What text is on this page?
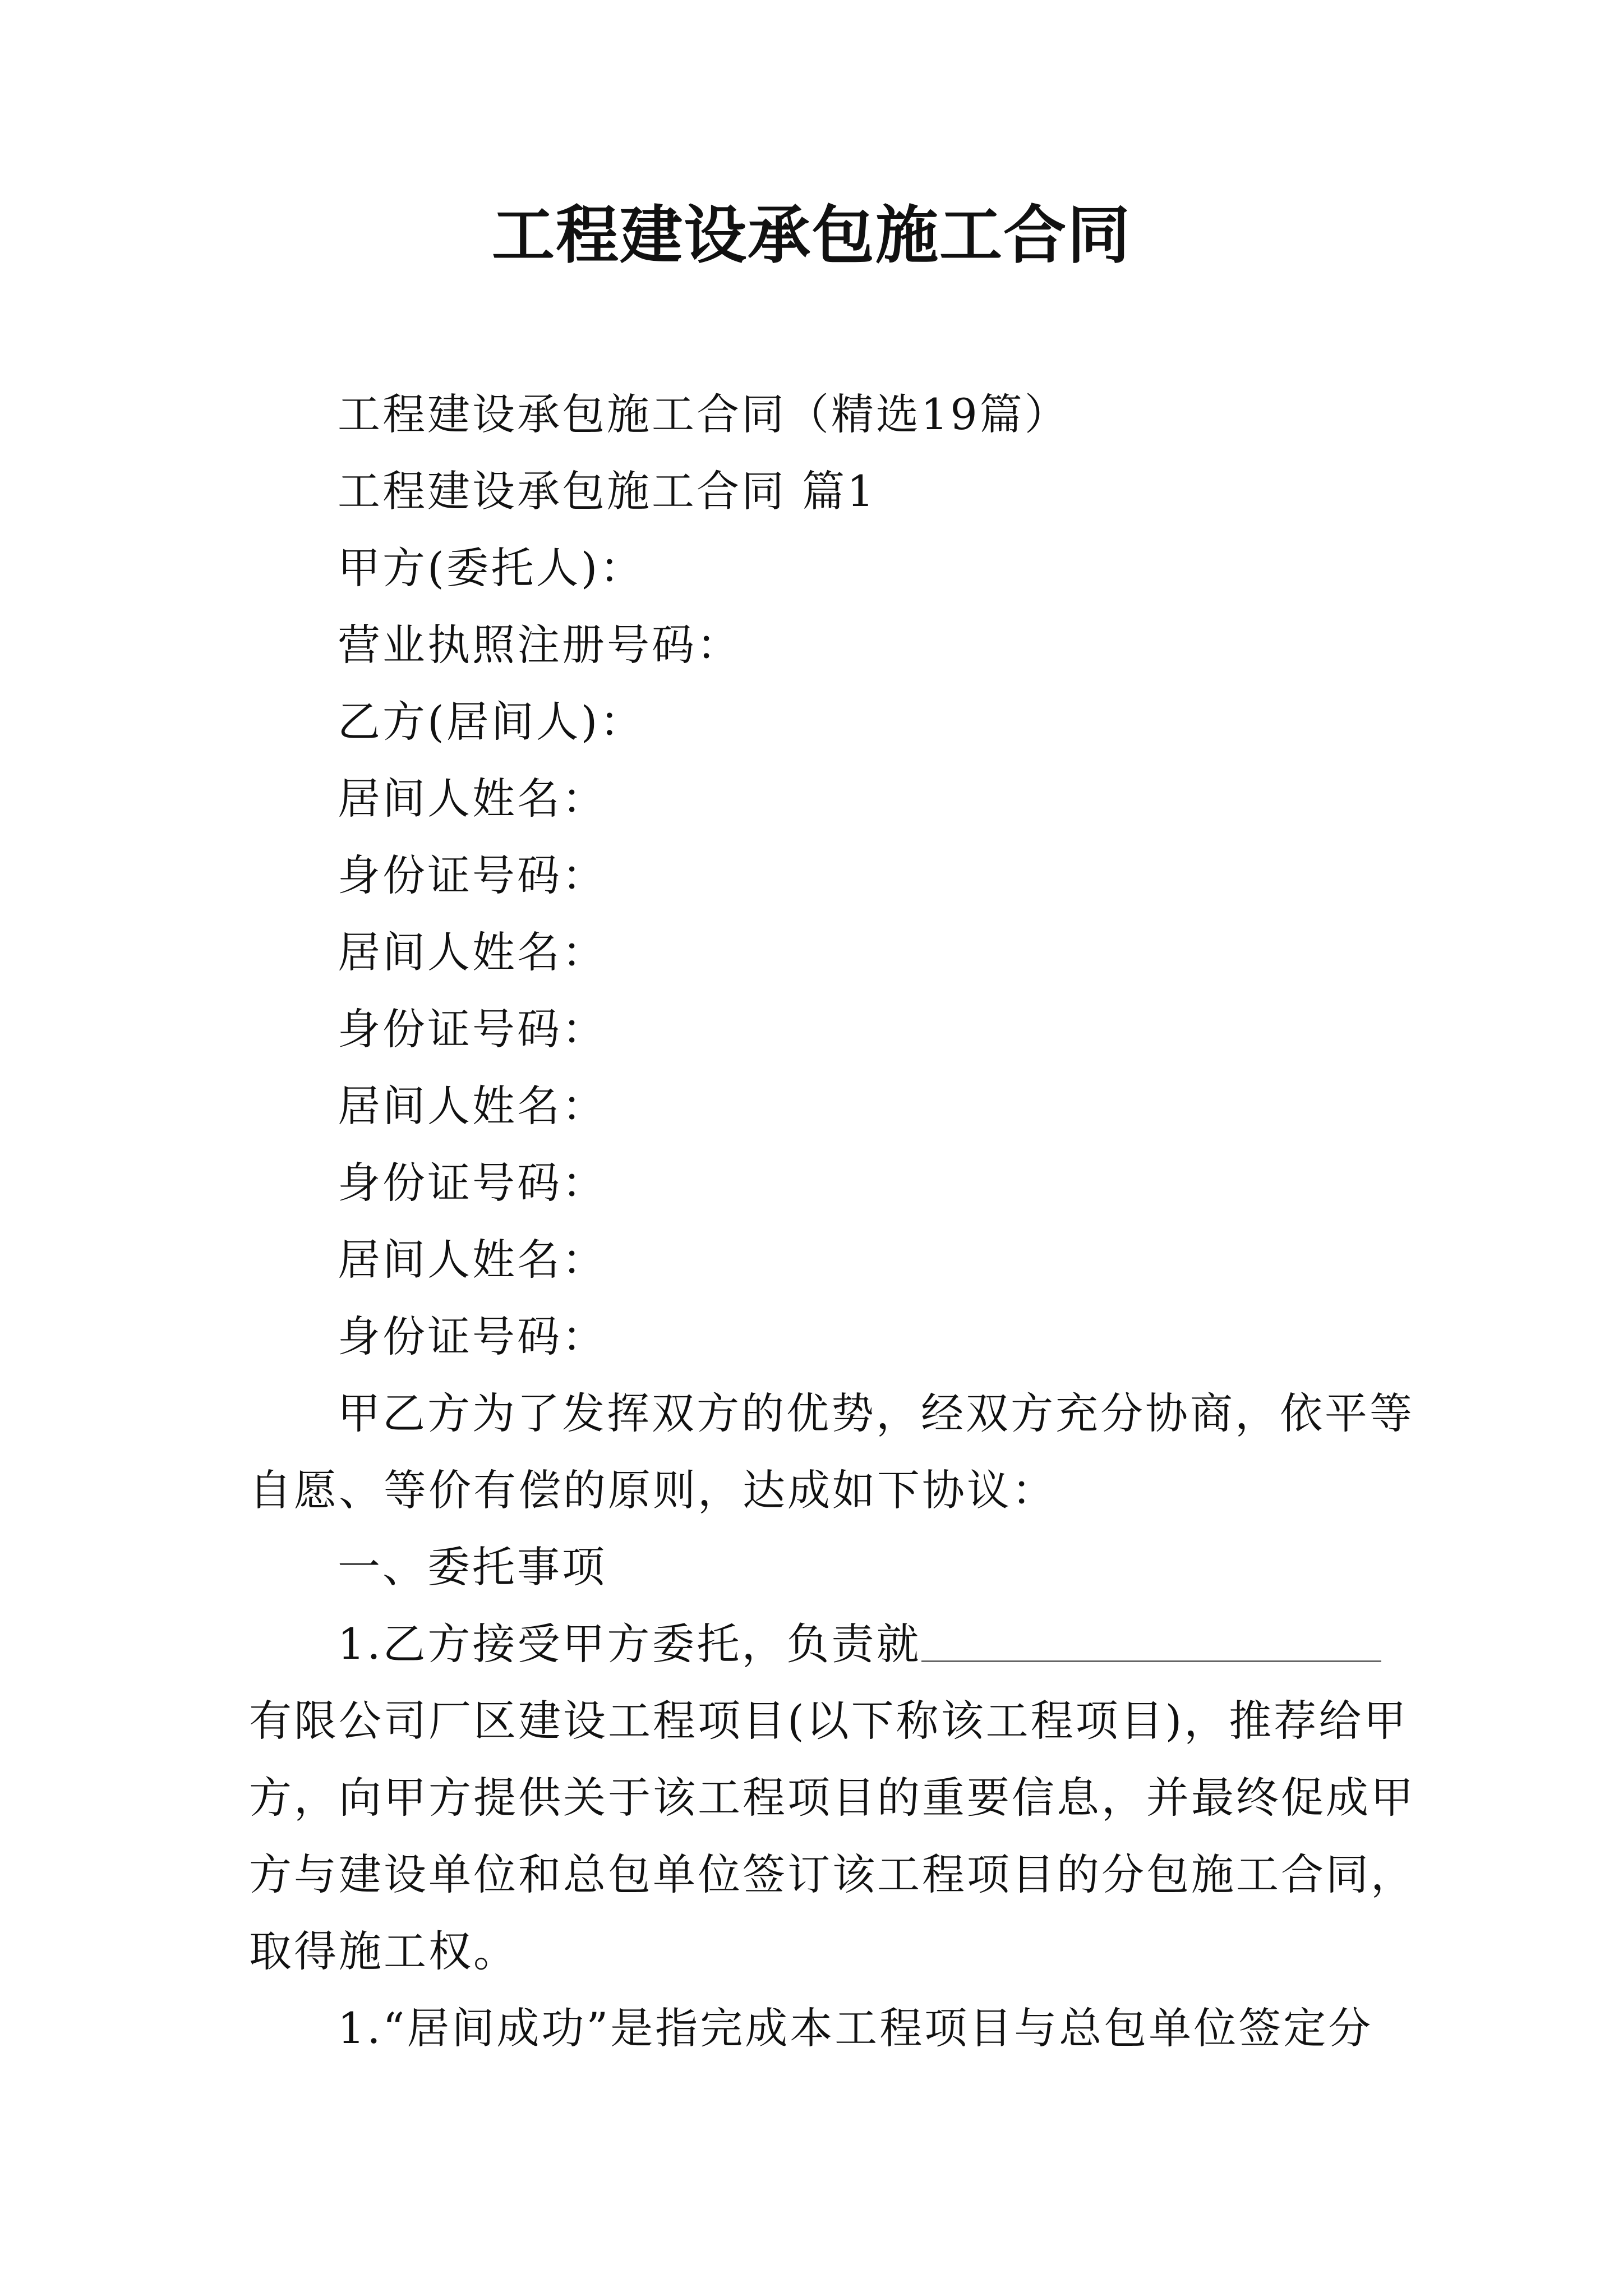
工程建设承包施工合同
工程建设承包施工合同（精选19篇）
工程建设承包施工合同 篇1
甲方(委托人)：
营业执照注册号码：
乙方(居间人)：
居间人姓名：
身份证号码：
居间人姓名：
身份证号码：
居间人姓名：
身份证号码：
居间人姓名：
身份证号码：
甲乙方为了发挥双方的优势，经双方充分协商，依平等
自愿、等价有偿的原则，达成如下协议：
一、委托事项
1.乙方接受甲方委托，负责就
有限公司厂区建设工程项目(以下称该工程项目)，推荐给甲
方，向甲方提供关于该工程项目的重要信息，并最终促成甲
方与建设单位和总包单位签订该工程项目的分包施工合同，
取得施工权。
1.“居间成功”是指完成本工程项目与总包单位签定分
